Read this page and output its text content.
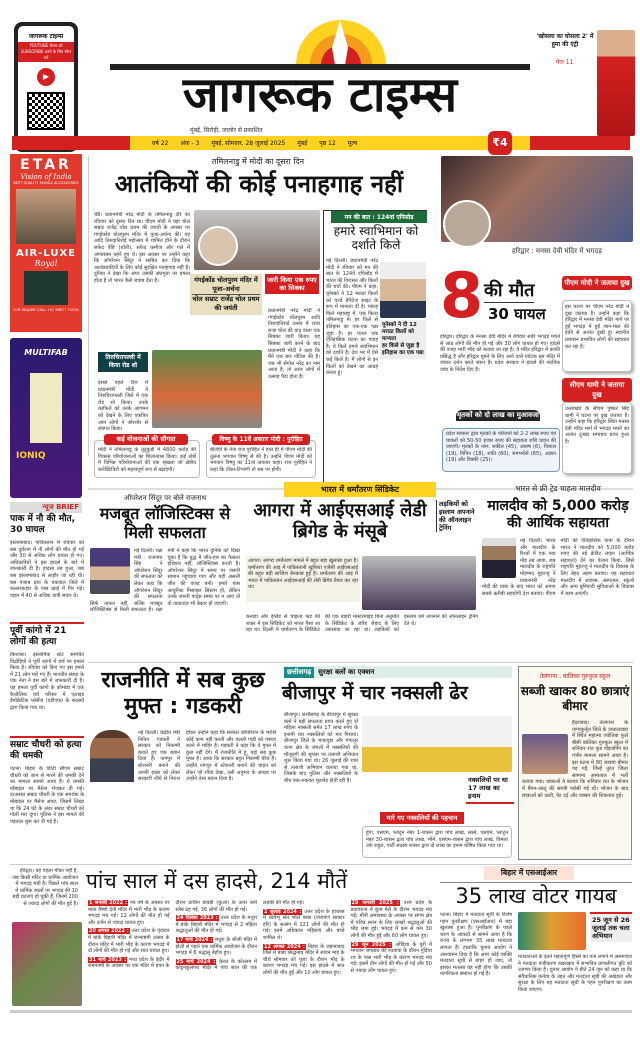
जागरूक टाइम्स
YOUTUBE चैनल को SUBSCRIBE करने के लिए स्कैन करें
▶	जागरूक टाइम्स
मुंबई, सिरोही, जालोर से प्रकाशित
'खोसला का घोसला 2' में हुमा की एंट्री
पेज 11
वर्ष 22 अंक - 3 मुंबई, सोमवार, 28 जुलाई 2025 मुंबई पृष्ठ 12 मूल्य	₹4
ETAR
Vision of India
BEST QUALITY MOBILE ACCESSORIES
AIR-LUXE
Royal
FOR INQUIRY CALL +91 99877 71539
MULTIFAB
IONIQ
तमिलनाडु में मोदी का दूसरा दिन
आतंकियों की कोई पनाहगाह नहीं
चेन्नै। प्रधानमंत्री नरेंद्र मोदी के तमिलनाडु दौरे का रविवार को दूसरा दिन था। पीएम मोदी ने यहां चोल सम्राट राजेंद्र चोल प्रथम की जयंती के अवसर पर गंगईकोंड चोलपुरम मंदिर में पूजा-अर्चना की। वह आदि तिरुवातिराई महोत्सव में शामिल होने के दौरान सफेद वेष्टि (धोती), सफेद कमीज और गले में अंगवस्त्रम पहने हुए थे। इस अवसर पर उन्होंने कहा कि ऑपरेशन सिंदूर ने साबित कर दिया कि आतंकवादियों के लिए कोई सुरक्षित पनाहगाह नहीं है। दुनिया ने देखा कि अगर उसकी संप्रभुता पर हमला होता है तो भारत कैसे जवाब देता है।	गंगईकोंड चोलपुरम मंदिर में पूजा-अर्चना
चोल सम्राट राजेंद्र चोल प्रथम की जयंती
जारी किया एक रुपए का सिक्का
प्रधानमंत्री नरेंद्र मोदी ने गंगईकोंड चोलपुरम आदि तिरुवातिराई उत्सव में राजा राजा चोल की याद वाला एक सिक्का जारी किया। यह सिक्का जारी करने के बाद प्रधानमंत्री मोदी ने कहा कि मैंने एक बार नोटिस की है। जब भी सेंगोल नरेंद्र का नाम आता है, तो आज लोगों में उत्साह पैदा होता है।
तिरुचिरापल्ली में किया रोड शो
इससे पहले दिन में प्रधानमंत्री मोदी ने तिरुचिरापल्ली जिले में एक रोड शो किया। उनके काफिले को उनके आगमन को देखने के लिए एकत्रित आम लोगों ने जोरशोर से स्वागत किया।
कई योजनाओं की सौगात
मोदी ने तमिलनाडु के तूतुकुडी में 4800 करोड़ की विकास परियोजनाओं का शिलान्यास किया। कई क्षेत्रों में विभिन्न परियोजनाओं की एक श्रृंखला जो क्षेत्रीय कनेक्टिविटी को महत्वपूर्ण रूप से बढ़ाएंगी।
विष्णु के 11वें अवतार मोदी : पुरोहित
बीजेपी के नेता राज पुरोहित ने हाल ही में पीएम मोदी की तुलना भगवान विष्णु से की है। उन्होंने पीएम मोदी को भगवान विष्णु का 11वां अवतार कहा। राज पुरोहित ने कहा कि टीका-टिप्पणी तो सब पर होगी।
मन की बात : 124वां एपिसोड
हमारे स्वाभिमान को दर्शाते किले
नई दिल्ली। प्रधानमंत्री नरेंद्र मोदी ने रविवार को मन की बात के 124वें एपिसोड में भारत की विरासत और किलों की चर्चा की। पीएम ने कहा, यूनेस्को ने 12 मराठा किलों को वर्ल्ड हेरिटेज साइट के रूप में मान्यता दी है। ग्यारह किले महाराष्ट्र में, एक किला तमिलनाडु में। हर किले से इतिहास का एक-एक पन्ना जुड़ा है। हर पत्थर एक ऐतिहासिक घटना का गवाह है। ये किले हमारे स्वाभिमान को दर्शाते हैं। देश भर में ऐसे कई किले हैं। मैं लोगों से इन किलों को देखने का आग्रह करता हूं।
यूनेस्को ने दी 12 मराठा किलों को मान्यता
हर किले से जुड़ा है इतिहास का एक पन्ना
हरिद्वार : मनसा देवी मंदिर में भगदड़
8 की मौत
30 घायल
हरिद्वार। हरिद्वार के मनसा देवी मंदिर में रविवार सवेरे भगदड़ मचने से आठ लोगों की मौत हो गई और 30 लोग घायल हो गए। हादसे की वजह भारी भीड़ को बताया जा रहा है। ये मंदिर हरिद्वार में काफी प्रसिद्ध है और हरिद्वार घूमने के लिए आने वाले पर्यटक इस मंदिर में जाकर दर्शन करते जरूर हैं। प्रदेश सरकार ने हादसे की न्यायिक जांच के निर्देश दिए हैं।
मृतकों को दो लाख का मुआवजा
प्रदेश सरकार द्वारा मृतकों के परिजनों को 2-2 लाख रुपए एवं घायलों को 50-50 हजार रुपए की सहायता राशि प्रदान की जाएगी। मृतकों के नाम: शकील (45), आरुष (6), विशाल (19), विपिन (18), शांति (60), रामभरोसे (65), अज्ञात (19) और विक्की (25)।
पीएम मोदी ने जताया दुख
इस घटना पर पीएम नरेंद्र मोदी ने दुख जताया है। उन्होंने कहा कि हरिद्वार में मनसा देवी मंदिर मार्ग पर हुई भगदड़ में हुई जान-माल की हानि से अत्यंत दुखी हूं। स्थानीय प्रशासन प्रभावित लोगों की सहायता कर रहा है।
सीएम धामी ने जताया दुख
उत्तराखंड के सीएम पुष्कर सिंह धामी ने घटना पर दुख जताया है। उन्होंने कहा कि हरिद्वार स्थित मनसा देवी मंदिर मार्ग में भगदड़ मचने का अत्यंत दुःखद समाचार प्राप्त हुआ है।
न्यूज BRIEF
पाक में नौ की मौत, 30 घायल
इस्लामाबाद। पाकिस्तान में रविवार को बस दुर्घटना में नौ लोगों की मौत हो गई और 30 से अधिक लोग घायल हो गए। अधिकारियों ने इस हादसे के बारे में जानकारी दी है। हादसा तब हुआ, जब बस इस्लामाबाद से लाहौर जा रही थी। बस पंजाब प्रांत के चकवाल जिले में कल्लरकहार के पास खाई में गिर गई। वाहन में 40 से अधिक यात्री सवार थे।
पूर्वी कांगो में 21 लोगों की हत्या
किंशासा। इस्लामिक स्टेट समर्थित विद्रोहियों ने पूर्वी कांगो में चर्च पर हमला किया है। रविवार को किए गए इस हमले में 21 लोग मारे गए हैं। मानवीय संस्था के एक नेता ने इस बारे में जानकारी दी है। यह हमला पूर्वी कांगो के कोमांडा में एक कैथोलिक चर्च परिसर में एलाइड डेमोक्रेटिक फोर्सेज (एडीएफ) के सदस्यों द्वारा किया गया था।
सम्राट चौधरी को हत्या की धमकी
पटना। बिहार के डिप्टी सीएम सम्राट चौधरी को जान से मारने की धमकी देने का मामला सामने आया है। ये धमकी मोबाइल पर मैसेज भेजकर दी गई। दरअसल सम्राट चौधरी के एक समर्थक के मोबाइल पर मैसेज आया, जिसमें लिखा था कि 24 घंटे के अंदर सम्राट चौधरी को गोली मार दूंगा। पुलिस ने इस मामले की पड़ताल शुरू कर दी गई है।
ऑपरेशन सिंदूर पर बोले राजनाथ
मजबूत लॉजिस्टिक्स से मिली सफलता
नई दिल्ली। रक्षा मंत्री राजनाथ सिंह ने ऑपरेशन सिंदूर की सफलता को लेकर कहा कि ऑपरेशन सिंदूर की सफलता सिर्फ ताकत नहीं, बल्कि मजबूत लॉजिस्टिक्स से मिली सफलता है। रक्षा मंत्री ने कहा कि भारत दुनिया को दिखा चुका है कि युद्ध में जीत-हार का फैसला हथियार नहीं, लॉजिस्टिक्स करती है। ऑपरेशन सिंदूर में समय पर जरूरी सामान पहुंचाया गया और यही असली जीत की वजह बनी। हमारे पास आधुनिक मिसाइल सिस्टम हो, लेकिन उनके जरूरी पार्ट्स समय पर न आएं तो वो ताकतवर भी बेकार हो जाएगी।
भारत में धर्मांतरण सिंडिकेट
आगरा में आईएसआई लेडी ब्रिगेड के मंसूबे
लड़कियों को इस्लाम अपनाने की ऑनलाइन ट्रेनिंग
आगरा। आगरा धर्मांतरण मामले में बहुत बड़ा खुलासा हुआ है। धर्मांतरण की आड़ में पाकिस्तानी खुफिया एजेंसी आईएसआई की बहुत बड़ी साजिश बेनकाब हुई है। धर्मांतरण की आड़ में भारत में पाकिस्तान आईएसआई की लेडी ब्रिगेड तैयार कर रहा था।
कनाडा और इंग्लैंड से चाइल्ड फंड की शक्ल में इस सिंडिकेट को भारत पैसा आ रहा था। दिल्ली में धर्मांतरण के सिंडिकेट की एक बाहरी मास्टरमाइंड बिना अनुमति के सिंडिकेट के जरिए जेहाद के लिए उकसाया जा रहा था। लड़कियों को इस्लाम धर्म अपनाने की ऑनलाइन ट्रेनिंग देते थे।
भारत से फ्री ट्रेड चाहता मालदीव
मालदीव को 5,000 करोड़ की आर्थिक सहायता
नई दिल्ली। भारत और मालदीव के रिश्तों में एक नया मोड़ तब आया, जब मालदीव के राष्ट्रपति मोहम्मद मुइज्जू ने प्रधानमंत्री नरेंद्र मोदी की यात्रा के बाद भारत को अपना सबसे करीबी सहयोगी देश बताया। पीएम मोदी की ऐतिहासिक यात्रा के दौरान भारत ने मालदीव को 5,000 करोड़ रुपए की नई क्रेडिट लाइन (आर्थिक सहायता) देने का ऐलान किया, जिसे राष्ट्रपति मुइज्जू ने मालदीव के विकास के लिए बेहद अहम बताया। यह सहायता मालदीव में आवास, अस्पताल, स्कूलों और अन्य बुनियादी सुविधाओं के विकास में काम आएगी।
राजनीति में सब कुछ मुफ्त : गडकरी
नई दिल्ली। केंद्रीय मंत्री नितिन गडकरी ने सरकार को निकम्मी बताते हुए एक बयान दिया है। नागपुर में स्टेशनरी बनाने की अपनी इच्छा को लेकर सरकारी रवैये से निराश होकर उन्होंने कहा कि सरकार कॉर्पोरेशन के भरोसे कोई काम नहीं करती और चलती गाड़ी को पंक्चर करने में माहिर है। गडकरी ने कहा कि वे मुफ्त में कुछ नहीं देंगे। मैं राजनीति में हूं, यहां सब कुछ मुफ्त है। आया कि सरकार बहुत निकम्मी चीज है। उन्होंने नागपुर में स्टेशनरी बनाने की चाहत को लेकर जो रवैया देखा, उसी अनुभव के आधार पर उन्होंने ऐसा बयान दिया है।
छत्तीसगढ़	सुरक्षा बलों का एक्शन
बीजापुर में चार नक्सली ढेर
बीजापुर। छत्तीसगढ़ के बीजापुर में सुरक्षा बलों ने बड़ी सफलता प्राप्त करते हुए दो महिला नक्सली समेत 17 लाख रुपए के इनामी चार नक्सलियों को मार गिराया। बीजापुर जिले के भाकपुड़ा और गंगालूर थाना क्षेत्र के जंगलों में नक्सलियों की मौजूदगी की सूचना पर तलाशी अभियान शुरू किया गया था। 26 जुलाई की शाम से तलाशी अभियान चलाया गया था, जिसके बाद पुलिस और नक्सलियों के बीच रुक-रुककर मुठभेड़ होती रही है।	नक्सलियों पर था 17 लाख का इनाम
मारे गए नक्सलियों की पहचान
हुंगा, एसएम, प्लाटून नंबर 1-शासन द्वारा पांच लाख, लक्ष्मे, एसएम, प्लाटून नंबर 30-शासन द्वारा पांच लाख, भीमे, एसएम-शासन द्वारा पांच लाख, विमला उर्फ राहुल, पार्टी सदस्य-शासन द्वारा दो लाख का इनाम घोषित किया गया था।
तेलंगाना : बालिका गुरुकुल स्कूल
सब्जी खाकर 80 छात्राएं बीमार
हैदराबाद। तेलंगाना के नागरकुर्नूल जिले के उय्यालवाडा में स्थित महात्मा ज्योतिबा फुले बीसी बालिका गुरुकुल स्कूल में शनिवार रात फूड पॉइजनिंग का गंभीर मामला सामने आया है। इस घटना में 80 छात्राएं बीमार पड़ गईं, जिन्हें तुरंत जिला सामान्य अस्पताल में भर्ती कराया गया। छात्राओं ने बताया कि शनिवार रात के भोजन में बैंगन-आलू की सब्जी परोसी गई थी। भोजन के बाद छात्राओं को उल्टी, पेट दर्द और चक्कर की शिकायत हुई।
हरिद्वार। यह पहला मौका नहीं है, जब किसी मंदिर या धार्मिक आयोजन में भगदड़ मची है। पिछले पांच साल में धार्मिक स्थलों पर भगदड़ की 10 बड़ी घटनाएं हो चुकी हैं, जिनमें 200 से ज्यादा लोगों की मौत हुई है।
पांच साल में दस हादसे, 214 मौतें
1 जनवरी 2022 : नव वर्ष के अवसर पर माता वैष्णो देवी मंदिर में भारी भीड़ के कारण भगदड़ मच गई। 12 लोगों की मौत हो गई और दर्जन से ज्यादा घायल हुए।
20 अगस्त 2022 : उत्तर प्रदेश के वृंदावन में बांके बिहारी मंदिर में जन्माष्टमी उत्सव के दौरान मंदिर में भारी भीड़ के कारण भगदड़ में दो लोगों की मौत हो गई और सात घायल हुए।
31 मार्च 2023 : मध्य प्रदेश के इंदौर में रामनवमी के अवसर पर एक मंदिर में हवन के दौरान प्राचीन बावड़ी (कुआं) के ऊपर बनी स्लैब ढह गई, 36 लोगों की मौत हो गई।
24 दिसंबर 2023 : उत्तर प्रदेश के मथुरा में बांके बिहारी मंदिर में भगदड़ से 2 महिला श्रद्धालुओं की मौत हो गई।
17 मार्च 2024 : मथुरा के श्रीजी मंदिर में होली से पहले एक धार्मिक आयोजन के दौरान भगदड़ में 6 श्रद्धालु बेहोश हुए।
25 मार्च 2024 : केरल के कोल्लम में कोट्टनकुलंगरा मंदिर में पांच साल की एक लड़की की मौत हो गई।
2 जुलाई 2024 : उत्तर प्रदेश के हाथरस में स्वयंभू संत भोले बाबा (नारायण साकार हरि) के सत्संग में 121 लोगों की मौत हो गई। इनमें अधिकांश महिलाएं और बच्चे शामिल थे।
12 अगस्त 2024 : बिहार के जहानाबाद जिले में बाबा सिद्धनाथ मंदिर में सावन माह के चौथे सोमवार को पूजा के दौरान भीड़ के कारण भगदड़ मच गई। इस हादसे में सात लोगों की मौत हुई और 10 लोग घायल हुए।
29 जनवरी 2025 : उत्तर प्रदेश के प्रयागराज में कुंभ मेले के दौरान भगदड़ मच गई। मौनी अमावस्या के अवसर पर संगम क्षेत्र में पवित्र स्नान के लिए लाखों श्रद्धालुओं की भीड़ जमा हुई। भगदड़ में कम से कम 30 लोगों की मौत हुई और 60 लोग घायल हुए।
29 जून 2025 : ओडिशा के पुरी में भगवान जगन्नाथ की रथयात्रा के दौरान गुंडिचा रथ के पास भारी भीड़ के कारण भगदड़ मच गई। इसमें तीन लोगों की मौत हो गई और 50 से ज्यादा लोग घायल हुए।
बिहार में एसआईआर
35 लाख वोटर गायब
पटना। बिहार में मतदाता सूची के विशेष गहन पुनरीक्षण (एसआईआर) में बड़ा खुलासा हुआ है। पुनरीक्षण के पहले चरण के आंकड़ों से सामने आया है कि राज्य के लगभग 35 लाख मतदाता लापता हैं। हालांकि चुनाव आयोग ने आश्वासन दिया है कि अगर कोई व्यक्ति मतदाता सूची से बाहर हो जाए, तो इसका मतलब यह नहीं होगा कि उसकी नागरिकता समाप्त हो गई है।
25 जून से 26 जुलाई तक चला अभियान
मतदाताओं के इतने महत्वपूर्ण हिस्से का पता लगाने में असमर्थता ने मतदाता पंजीकरण रखरखाव में संभावित प्रणालीगत त्रुटि को उजागर किया है। चुनाव आयोग ने बीते 24 जून को कहा था कि संवैधानिक कर्तव्य के तहत और मतदाता सूची की अखंडता और सुरक्षा के लिए यह मतदाता सूची के गहन पुनरीक्षण का काम किया जाएगा।
